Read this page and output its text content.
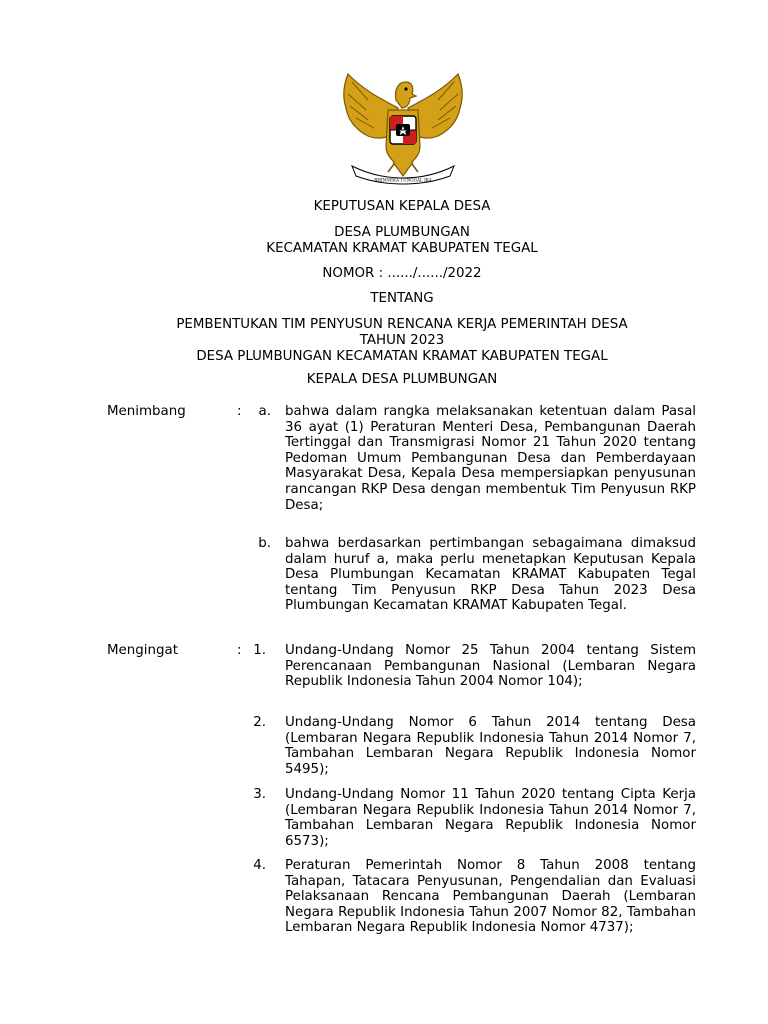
BHINNEKA TUNGGAL IKA
KEPUTUSAN KEPALA DESA
DESA PLUMBUNGAN
KECAMATAN KRAMAT KABUPATEN TEGAL
NOMOR : ....../....../2022
TENTANG
PEMBENTUKAN TIM PENYUSUN RENCANA KERJA PEMERINTAH DESA
TAHUN 2023
DESA PLUMBUNGAN KECAMATAN KRAMAT KABUPATEN TEGAL
KEPALA DESA PLUMBUNGAN
Menimbang	:	a. bahwa dalam rangka melaksanakan ketentuan dalam Pasal 36 ayat (1) Peraturan Menteri Desa, Pembangunan Daerah Tertinggal dan Transmigrasi Nomor 21 Tahun 2020 tentang Pedoman Umum Pembangunan Desa dan Pemberdayaan Masyarakat Desa, Kepala Desa mempersiapkan penyusunan rancangan RKP Desa dengan membentuk Tim Penyusun RKP Desa;
b. bahwa berdasarkan pertimbangan sebagaimana dimaksud dalam huruf a, maka perlu menetapkan Keputusan Kepala Desa Plumbungan Kecamatan KRAMAT Kabupaten Tegal tentang Tim Penyusun RKP Desa Tahun 2023 Desa Plumbungan Kecamatan KRAMAT Kabupaten Tegal.
Mengingat	: 1. Undang-Undang Nomor 25 Tahun 2004 tentang Sistem Perencanaan Pembangunan Nasional (Lembaran Negara Republik Indonesia Tahun 2004 Nomor 104);
2. Undang-Undang Nomor 6 Tahun 2014 tentang Desa (Lembaran Negara Republik Indonesia Tahun 2014 Nomor 7, Tambahan Lembaran Negara Republik Indonesia Nomor 5495);
3. Undang-Undang Nomor 11 Tahun 2020 tentang Cipta Kerja (Lembaran Negara Republik Indonesia Tahun 2014 Nomor 7, Tambahan Lembaran Negara Republik Indonesia Nomor 6573);
4. Peraturan Pemerintah Nomor 8 Tahun 2008 tentang Tahapan, Tatacara Penyusunan, Pengendalian dan Evaluasi Pelaksanaan Rencana Pembangunan Daerah (Lembaran Negara Republik Indonesia Tahun 2007 Nomor 82, Tambahan Lembaran Negara Republik Indonesia Nomor 4737);
